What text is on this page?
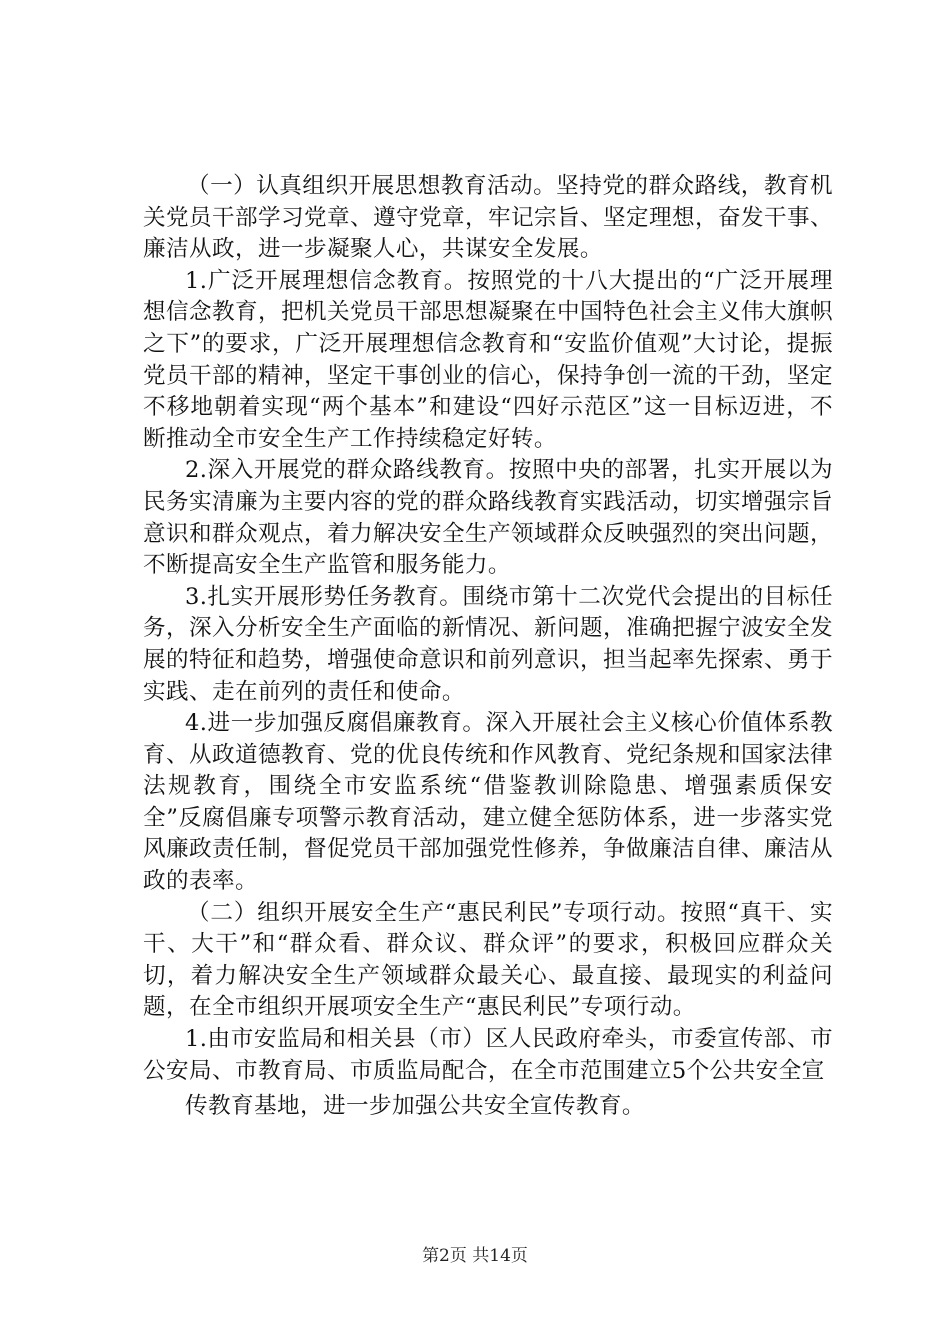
（一）认真组织开展思想教育活动。坚持党的群众路线，教育机关党员干部学习党章、遵守党章，牢记宗旨、坚定理想，奋发干事、廉洁从政，进一步凝聚人心，共谋安全发展。

1.广泛开展理想信念教育。按照党的十八大提出的“广泛开展理想信念教育，把机关党员干部思想凝聚在中国特色社会主义伟大旗帜之下”的要求，广泛开展理想信念教育和“安监价值观”大讨论，提振党员干部的精神，坚定干事创业的信心，保持争创一流的干劲，坚定不移地朝着实现“两个基本”和建设“四好示范区”这一目标迈进，不断推动全市安全生产工作持续稳定好转。

2.深入开展党的群众路线教育。按照中央的部署，扎实开展以为民务实清廉为主要内容的党的群众路线教育实践活动，切实增强宗旨意识和群众观点，着力解决安全生产领域群众反映强烈的突出问题，不断提高安全生产监管和服务能力。

3.扎实开展形势任务教育。围绕市第十二次党代会提出的目标任务，深入分析安全生产面临的新情况、新问题，准确把握宁波安全发展的特征和趋势，增强使命意识和前列意识，担当起率先探索、勇于实践、走在前列的责任和使命。

4.进一步加强反腐倡廉教育。深入开展社会主义核心价值体系教育、从政道德教育、党的优良传统和作风教育、党纪条规和国家法律法规教育，围绕全市安监系统“借鉴教训除隐患、增强素质保安全”反腐倡廉专项警示教育活动，建立健全惩防体系，进一步落实党风廉政责任制，督促党员干部加强党性修养，争做廉洁自律、廉洁从政的表率。

（二）组织开展安全生产“惠民利民”专项行动。按照“真干、实干、大干”和“群众看、群众议、群众评”的要求，积极回应群众关切，着力解决安全生产领域群众最关心、最直接、最现实的利益问题，在全市组织开展项安全生产“惠民利民”专项行动。

1.由市安监局和相关县（市）区人民政府牵头，市委宣传部、市公安局、市教育局、市质监局配合，在全市范围建立5个公共安全宣

传教育基地，进一步加强公共安全宣传教育。

第2页 共14页
